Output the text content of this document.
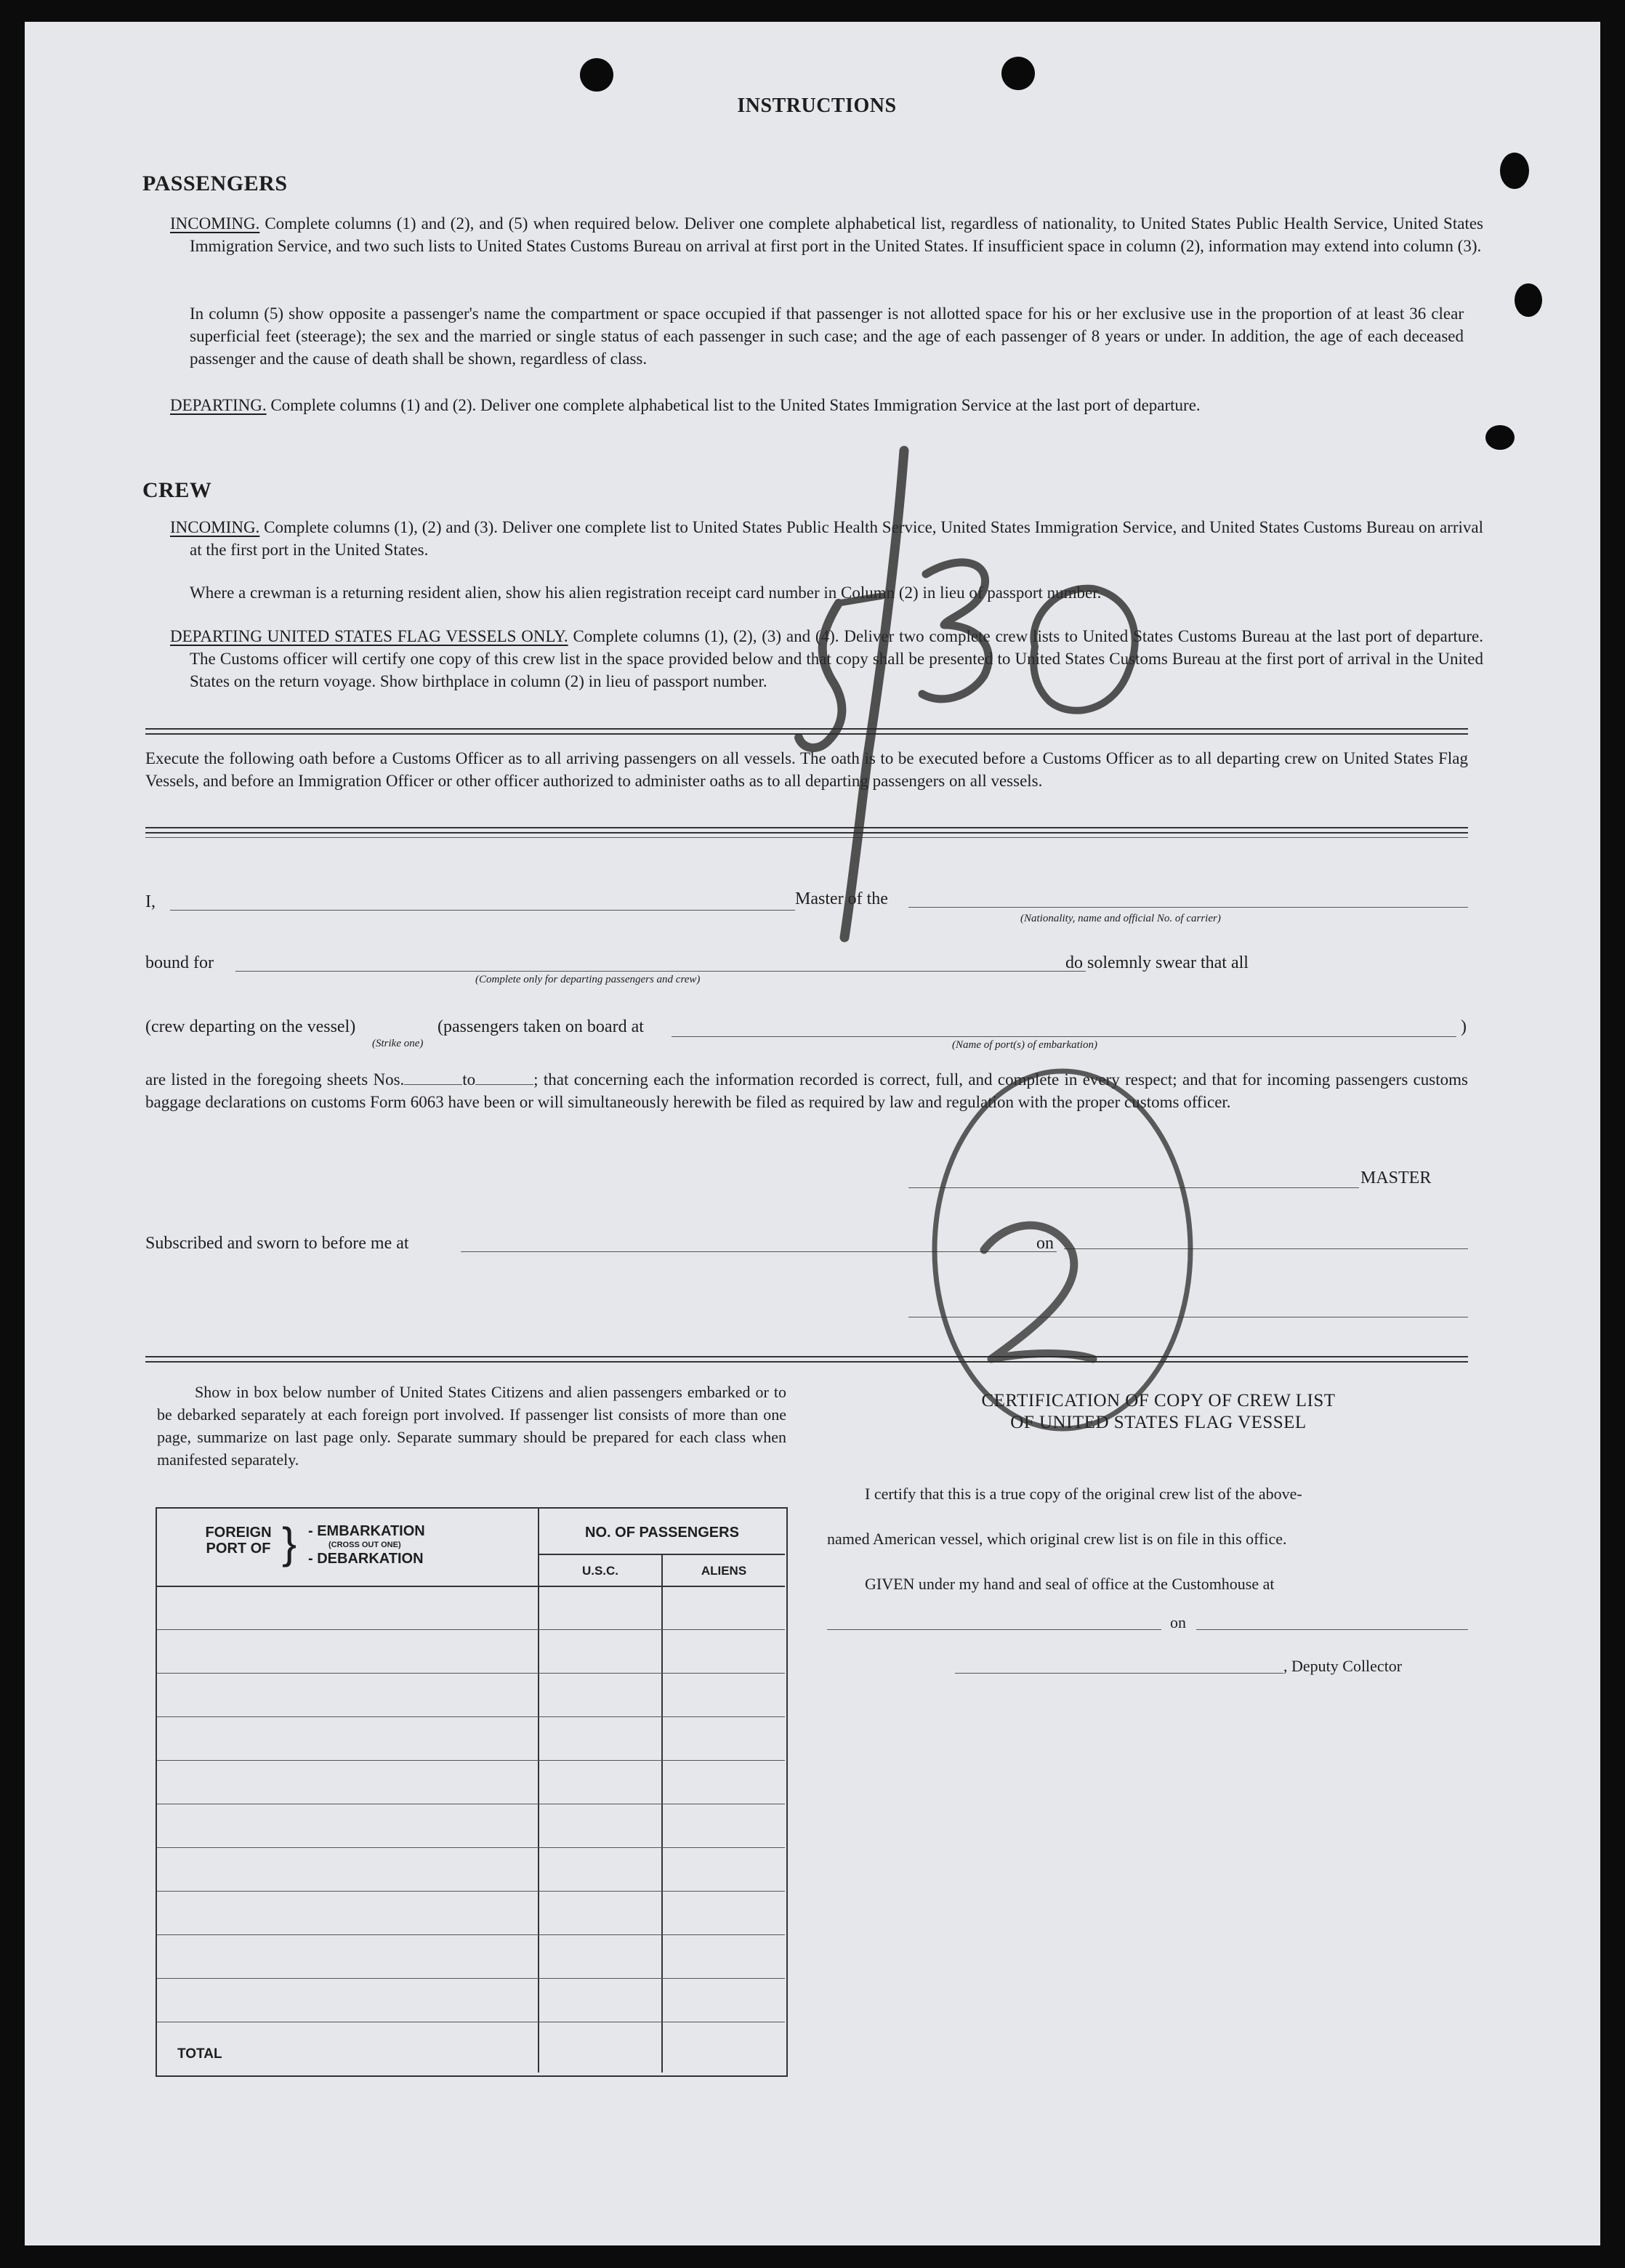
INSTRUCTIONS
PASSENGERS
INCOMING. Complete columns (1) and (2), and (5) when required below. Deliver one complete alphabetical list, regardless of nationality, to United States Public Health Service, United States Immigration Service, and two such lists to United States Customs Bureau on arrival at first port in the United States. If insufficient space in column (2), information may extend into column (3).
In column (5) show opposite a passenger's name the compartment or space occupied if that passenger is not allotted space for his or her exclusive use in the proportion of at least 36 clear superficial feet (steerage); the sex and the married or single status of each passenger in such case; and the age of each passenger of 8 years or under. In addition, the age of each deceased passenger and the cause of death shall be shown, regardless of class.
DEPARTING. Complete columns (1) and (2). Deliver one complete alphabetical list to the United States Immigration Service at the last port of departure.
CREW
INCOMING. Complete columns (1), (2) and (3). Deliver one complete list to United States Public Health Service, United States Immigration Service, and United States Customs Bureau on arrival at the first port in the United States.
Where a crewman is a returning resident alien, show his alien registration receipt card number in Column (2) in lieu of passport number.
DEPARTING UNITED STATES FLAG VESSELS ONLY. Complete columns (1), (2), (3) and (4). Deliver two complete crew lists to United States Customs Bureau at the last port of departure. The Customs officer will certify one copy of this crew list in the space provided below and that copy shall be presented to United States Customs Bureau at the first port of arrival in the United States on the return voyage. Show birthplace in column (2) in lieu of passport number.
Execute the following oath before a Customs Officer as to all arriving passengers on all vessels. The oath is to be executed before a Customs Officer as to all departing crew on United States Flag Vessels, and before an Immigration Officer or other officer authorized to administer oaths as to all departing passengers on all vessels.
I,	Master of the
(Nationality, name and official No. of carrier)
bound for
(Complete only for departing passengers and crew)
do solemnly swear that all
(crew departing on the vessel)
(Strike one)
(passengers taken on board at
(Name of port(s) of embarkation)
)
are listed in the foregoing sheets Nos.	to	; that concerning each the information recorded is correct, full, and complete in every respect; and that for incoming passengers customs baggage declarations on customs Form 6063 have been or will simultaneously herewith be filed as required by law and regulation with the proper customs officer.
MASTER
Subscribed and sworn to before me at	on
Show in box below number of United States Citizens and alien passengers embarked or to be debarked separately at each foreign port involved. If passenger list consists of more than one page, summarize on last page only. Separate summary should be prepared for each class when manifested separately.
FOREIGN PORT OF } - EMBARKATION
(CROSS OUT ONE)
- DEBARKATION
NO. OF PASSENGERS
U.S.C.	ALIENS
TOTAL
CERTIFICATION OF COPY OF CREW LIST
OF UNITED STATES FLAG VESSEL
I certify that this is a true copy of the original crew list of the above-
named American vessel, which original crew list is on file in this office.
GIVEN under my hand and seal of office at the Customhouse at
on
, Deputy Collector
